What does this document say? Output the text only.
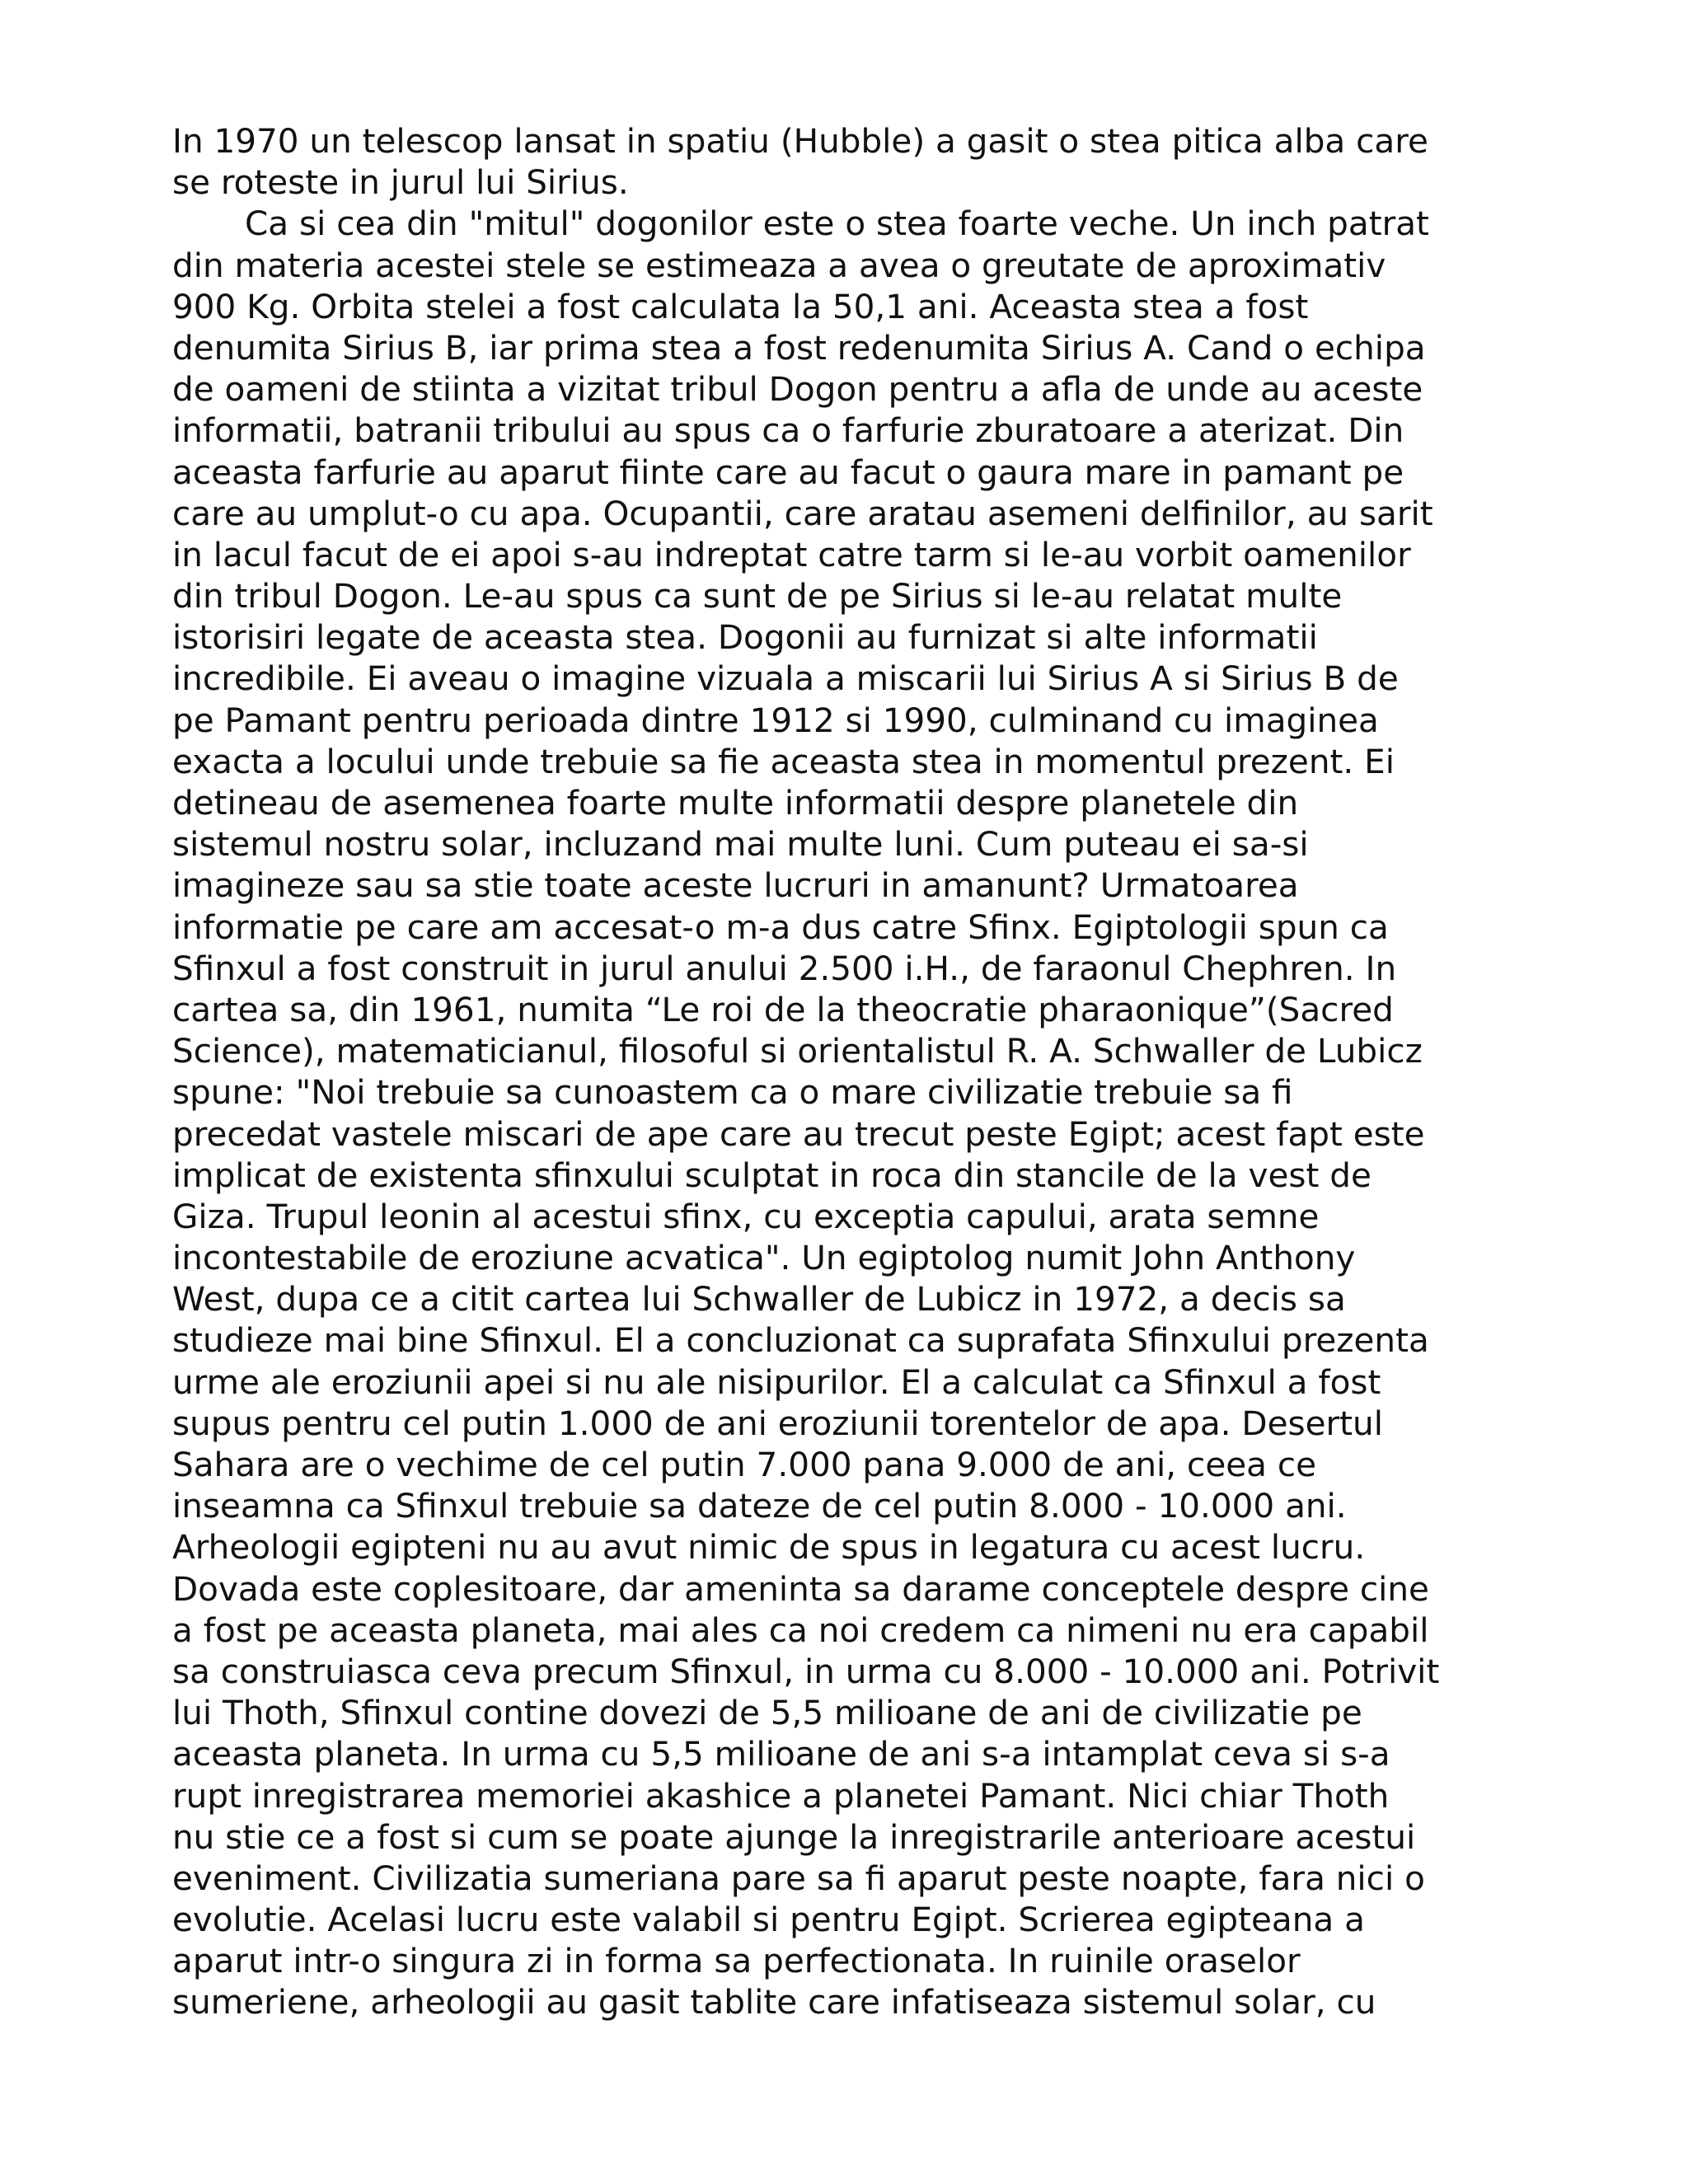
In 1970 un telescop lansat in spatiu (Hubble) a gasit o stea pitica alba care
se roteste in jurul lui Sirius.
Ca si cea din "mitul" dogonilor este o stea foarte veche. Un inch patrat
din materia acestei stele se estimeaza a avea o greutate de aproximativ
900 Kg. Orbita stelei a fost calculata la 50,1 ani. Aceasta stea a fost
denumita Sirius B, iar prima stea a fost redenumita Sirius A. Cand o echipa
de oameni de stiinta a vizitat tribul Dogon pentru a afla de unde au aceste
informatii, batranii tribului au spus ca o farfurie zburatoare a aterizat. Din
aceasta farfurie au aparut fiinte care au facut o gaura mare in pamant pe
care au umplut-o cu apa. Ocupantii, care aratau asemeni delfinilor, au sarit
in lacul facut de ei apoi s-au indreptat catre tarm si le-au vorbit oamenilor
din tribul Dogon. Le-au spus ca sunt de pe Sirius si le-au relatat multe
istorisiri legate de aceasta stea. Dogonii au furnizat si alte informatii
incredibile. Ei aveau o imagine vizuala a miscarii lui Sirius A si Sirius B de
pe Pamant pentru perioada dintre 1912 si 1990, culminand cu imaginea
exacta a locului unde trebuie sa fie aceasta stea in momentul prezent. Ei
detineau de asemenea foarte multe informatii despre planetele din
sistemul nostru solar, incluzand mai multe luni. Cum puteau ei sa-si
imagineze sau sa stie toate aceste lucruri in amanunt? Urmatoarea
informatie pe care am accesat-o m-a dus catre Sfinx. Egiptologii spun ca
Sfinxul a fost construit in jurul anului 2.500 i.H., de faraonul Chephren. In
cartea sa, din 1961, numita “Le roi de la theocratie pharaonique”(Sacred
Science), matematicianul, filosoful si orientalistul R. A. Schwaller de Lubicz
spune: "Noi trebuie sa cunoastem ca o mare civilizatie trebuie sa fi
precedat vastele miscari de ape care au trecut peste Egipt; acest fapt este
implicat de existenta sfinxului sculptat in roca din stancile de la vest de
Giza. Trupul leonin al acestui sfinx, cu exceptia capului, arata semne
incontestabile de eroziune acvatica". Un egiptolog numit John Anthony
West, dupa ce a citit cartea lui Schwaller de Lubicz in 1972, a decis sa
studieze mai bine Sfinxul. El a concluzionat ca suprafata Sfinxului prezenta
urme ale eroziunii apei si nu ale nisipurilor. El a calculat ca Sfinxul a fost
supus pentru cel putin 1.000 de ani eroziunii torentelor de apa. Desertul
Sahara are o vechime de cel putin 7.000 pana 9.000 de ani, ceea ce
inseamna ca Sfinxul trebuie sa dateze de cel putin 8.000 - 10.000 ani.
Arheologii egipteni nu au avut nimic de spus in legatura cu acest lucru.
Dovada este coplesitoare, dar ameninta sa darame conceptele despre cine
a fost pe aceasta planeta, mai ales ca noi credem ca nimeni nu era capabil
sa construiasca ceva precum Sfinxul, in urma cu 8.000 - 10.000 ani. Potrivit
lui Thoth, Sfinxul contine dovezi de 5,5 milioane de ani de civilizatie pe
aceasta planeta. In urma cu 5,5 milioane de ani s-a intamplat ceva si s-a
rupt inregistrarea memoriei akashice a planetei Pamant. Nici chiar Thoth
nu stie ce a fost si cum se poate ajunge la inregistrarile anterioare acestui
eveniment. Civilizatia sumeriana pare sa fi aparut peste noapte, fara nici o
evolutie. Acelasi lucru este valabil si pentru Egipt. Scrierea egipteana a
aparut intr-o singura zi in forma sa perfectionata. In ruinile oraselor
sumeriene, arheologii au gasit tablite care infatiseaza sistemul solar, cu
